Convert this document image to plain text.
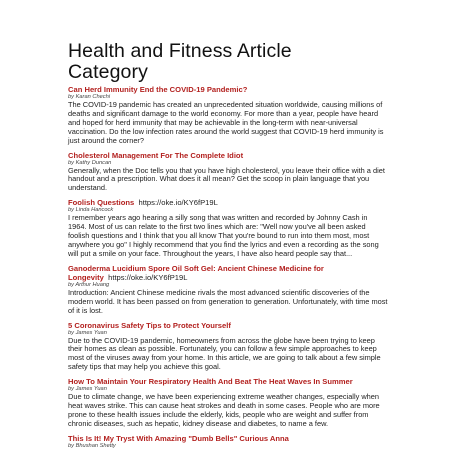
Health and Fitness Article
Category

Can Herd Immunity End the COVID-19 Pandemic?

by Karan Chechi

The COVID-19 pandemic has created an unprecedented situation worldwide, causing millions of deaths and significant damage to the world economy. For more than a year, people have heard and hoped for herd immunity that may be achievable in the long-term with near-universal vaccination. Do the low infection rates around the world suggest that COVID-19 herd immunity is just around the corner?

Cholesterol Management For The Complete Idiot

by Kathy Duncan

Generally, when the Doc tells you that you have high cholesterol, you leave their office with a diet handout and a prescription. What does it all mean? Get the scoop in plain language that you understand.

Foolish Questions https://oke.io/KY6fP19L

by Linda Hancock

I remember years ago hearing a silly song that was written and recorded by Johnny Cash in 1964. Most of us can relate to the first two lines which are: "Well now you've all been asked foolish questions and I think that you all know That you're bound to run into them most, most anywhere you go" I highly recommend that you find the lyrics and even a recording as the song will put a smile on your face. Throughout the years, I have also heard people say that...

Ganoderma Lucidium Spore Oil Soft Gel: Ancient Chinese Medicine for Longevity https://oke.io/KY6fP19L

by Arthur Huang

Introduction: Ancient Chinese medicine rivals the most advanced scientific discoveries of the modern world. It has been passed on from generation to generation. Unfortunately, with time most of it is lost.

5 Coronavirus Safety Tips to Protect Yourself

by James Yuan

Due to the COVID-19 pandemic, homeowners from across the globe have been trying to keep their homes as clean as possible. Fortunately, you can follow a few simple approaches to keep most of the viruses away from your home. In this article, we are going to talk about a few simple safety tips that may help you achieve this goal.

How To Maintain Your Respiratory Health And Beat The Heat Waves In Summer

by James Yuan

Due to climate change, we have been experiencing extreme weather changes, especially when heat waves strike. This can cause heat strokes and death in some cases. People who are more prone to these health issues include the elderly, kids, people who are weight and suffer from chronic diseases, such as hepatic, kidney disease and diabetes, to name a few.

This Is It! My Tryst With Amazing "Dumb Bells" Curious Anna

by Bhushan Shetty
